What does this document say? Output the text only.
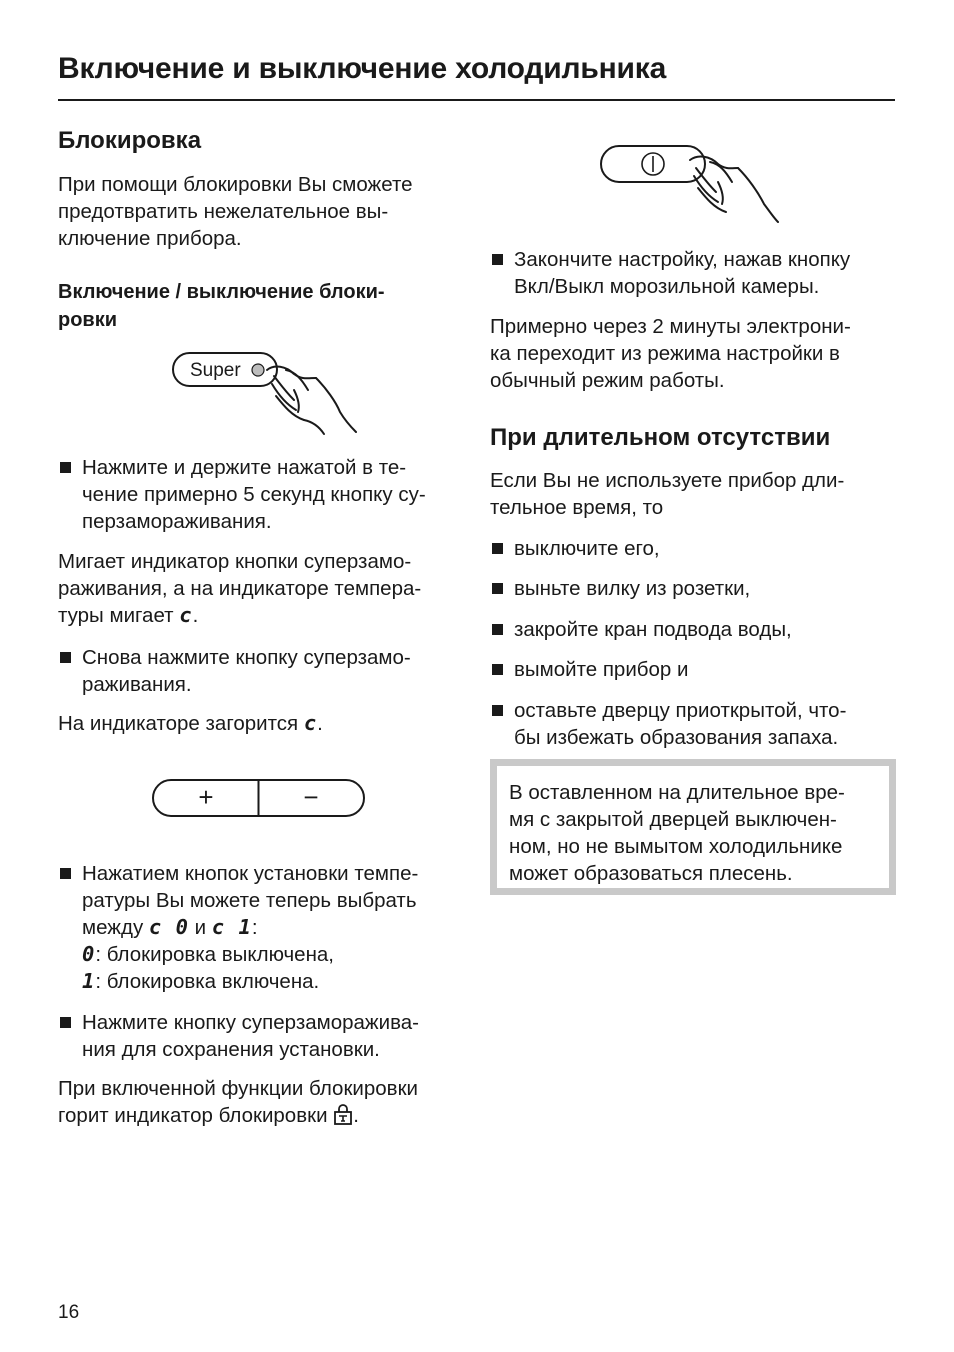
Включение и выключение холодильника
Блокировка
При помощи блокировки Вы сможете
предотвратить нежелательное вы-
ключение прибора.
Включение / выключение блоки-
ровки
Super
Нажмите и держите нажатой в те-
чение примерно 5 секунд кнопку су-
перзамораживания.
Мигает индикатор кнопки суперзамо-
раживания, а на индикаторе темпера-
туры мигает c.
Снова нажмите кнопку суперзамо-
раживания.
На индикаторе загорится c.
+	−
Нажатием кнопок установки темпе-
ратуры Вы можете теперь выбрать
между c 0 и c 1:
0: блокировка выключена,
1: блокировка включена.
Нажмите кнопку суперзаморажива-
ния для сохранения установки.
При включенной функции блокировки
горит индикатор блокировки .
Закончите настройку, нажав кнопку
Вкл/Выкл морозильной камеры.
Примерно через 2 минуты электрони-
ка переходит из режима настройки в
обычный режим работы.
При длительном отсутствии
Если Вы не используете прибор дли-
тельное время, то
выключите его,
выньте вилку из розетки,
закройте кран подвода воды,
вымойте прибор и
оставьте дверцу приоткрытой, что-
бы избежать образования запаха.
В оставленном на длительное вре-
мя с закрытой дверцей выключен-
ном, но не вымытом холодильнике
может образоваться плесень.
16
